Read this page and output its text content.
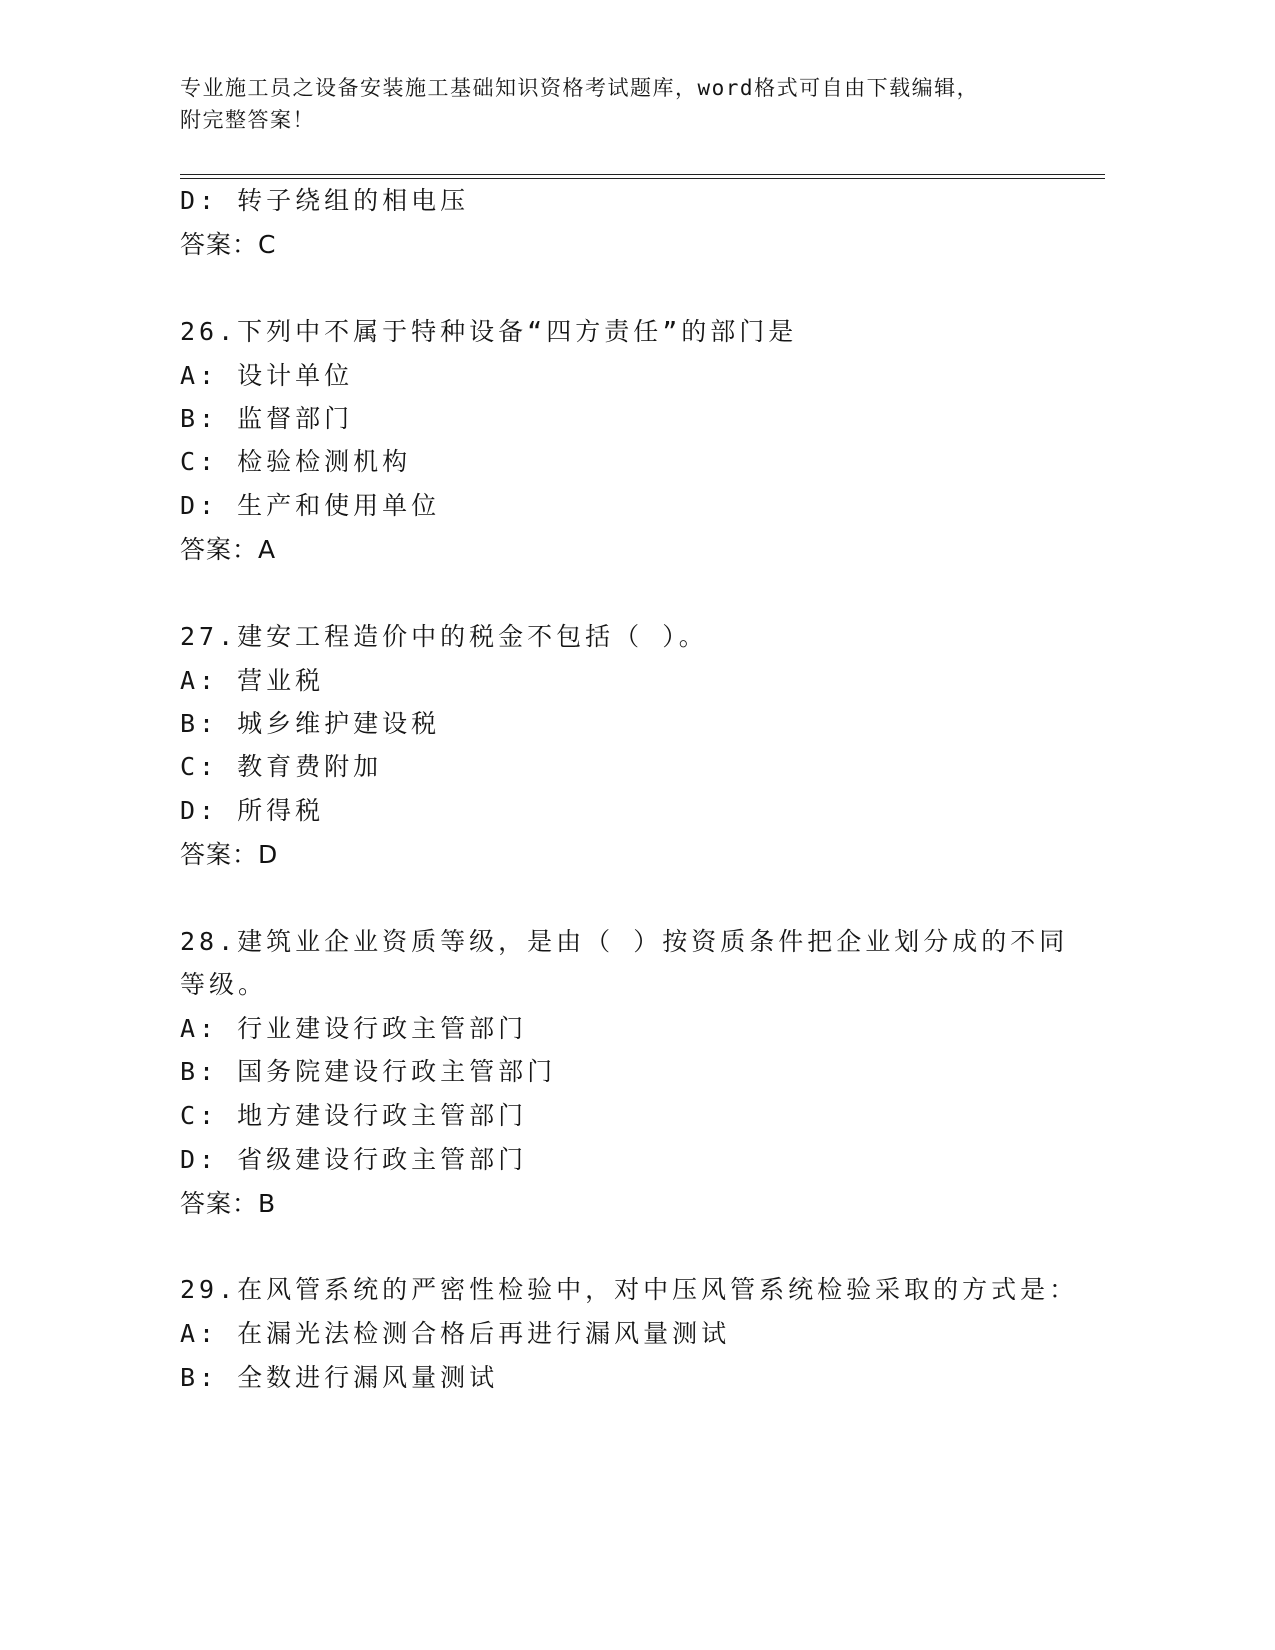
专业施工员之设备安装施工基础知识资格考试题库，word格式可自由下载编辑，
附完整答案！
D: 转子绕组的相电压
答案：C
26.下列中不属于特种设备“四方责任”的部门是
A: 设计单位
B: 监督部门
C: 检验检测机构
D: 生产和使用单位
答案：A
27.建安工程造价中的税金不包括（ ）。
A: 营业税
B: 城乡维护建设税
C: 教育费附加
D: 所得税
答案：D
28.建筑业企业资质等级，是由（ ）按资质条件把企业划分成的不同
等级。
A: 行业建设行政主管部门
B: 国务院建设行政主管部门
C: 地方建设行政主管部门
D: 省级建设行政主管部门
答案：B
29.在风管系统的严密性检验中，对中压风管系统检验采取的方式是：
A: 在漏光法检测合格后再进行漏风量测试
B: 全数进行漏风量测试
